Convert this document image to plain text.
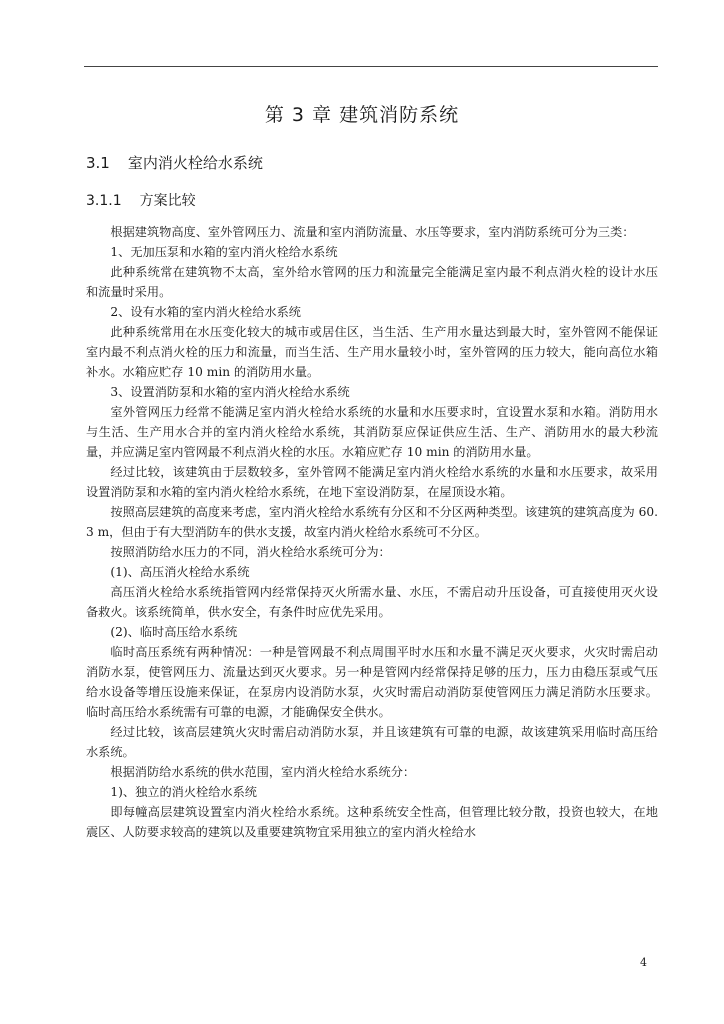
第 3 章 建筑消防系统
3.1 室内消火栓给水系统
3.1.1 方案比较

根据建筑物高度、室外管网压力、流量和室内消防流量、水压等要求，室内消防系统可分为三类：

1、无加压泵和水箱的室内消火栓给水系统

此种系统常在建筑物不太高，室外给水管网的压力和流量完全能满足室内最不利点消火栓的设计水压和流量时采用。

2、设有水箱的室内消火栓给水系统

此种系统常用在水压变化较大的城市或居住区，当生活、生产用水量达到最大时，室外管网不能保证室内最不利点消火栓的压力和流量，而当生活、生产用水量较小时，室外管网的压力较大，能向高位水箱补水。水箱应贮存 10 min 的消防用水量。

3、设置消防泵和水箱的室内消火栓给水系统

室外管网压力经常不能满足室内消火栓给水系统的水量和水压要求时，宜设置水泵和水箱。消防用水与生活、生产用水合并的室内消火栓给水系统，其消防泵应保证供应生活、生产、消防用水的最大秒流量，并应满足室内管网最不利点消火栓的水压。水箱应贮存 10 min 的消防用水量。

经过比较，该建筑由于层数较多，室外管网不能满足室内消火栓给水系统的水量和水压要求，故采用设置消防泵和水箱的室内消火栓给水系统，在地下室设消防泵，在屋顶设水箱。

按照高层建筑的高度来考虑，室内消火栓给水系统有分区和不分区两种类型。该建筑的建筑高度为 60.3 m，但由于有大型消防车的供水支援，故室内消火栓给水系统可不分区。

按照消防给水压力的不同，消火栓给水系统可分为：

(1)、高压消火栓给水系统

高压消火栓给水系统指管网内经常保持灭火所需水量、水压，不需启动升压设备，可直接使用灭火设备救火。该系统简单，供水安全，有条件时应优先采用。

(2)、临时高压给水系统

临时高压系统有两种情况：一种是管网最不利点周围平时水压和水量不满足灭火要求，火灾时需启动消防水泵，使管网压力、流量达到灭火要求。另一种是管网内经常保持足够的压力，压力由稳压泵或气压给水设备等增压设施来保证，在泵房内设消防水泵，火灾时需启动消防泵使管网压力满足消防水压要求。临时高压给水系统需有可靠的电源，才能确保安全供水。

经过比较，该高层建筑火灾时需启动消防水泵，并且该建筑有可靠的电源，故该建筑采用临时高压给水系统。

根据消防给水系统的供水范围，室内消火栓给水系统分：

1)、独立的消火栓给水系统

即每幢高层建筑设置室内消火栓给水系统。这种系统安全性高，但管理比较分散，投资也较大，在地震区、人防要求较高的建筑以及重要建筑物宜采用独立的室内消火栓给水

4
